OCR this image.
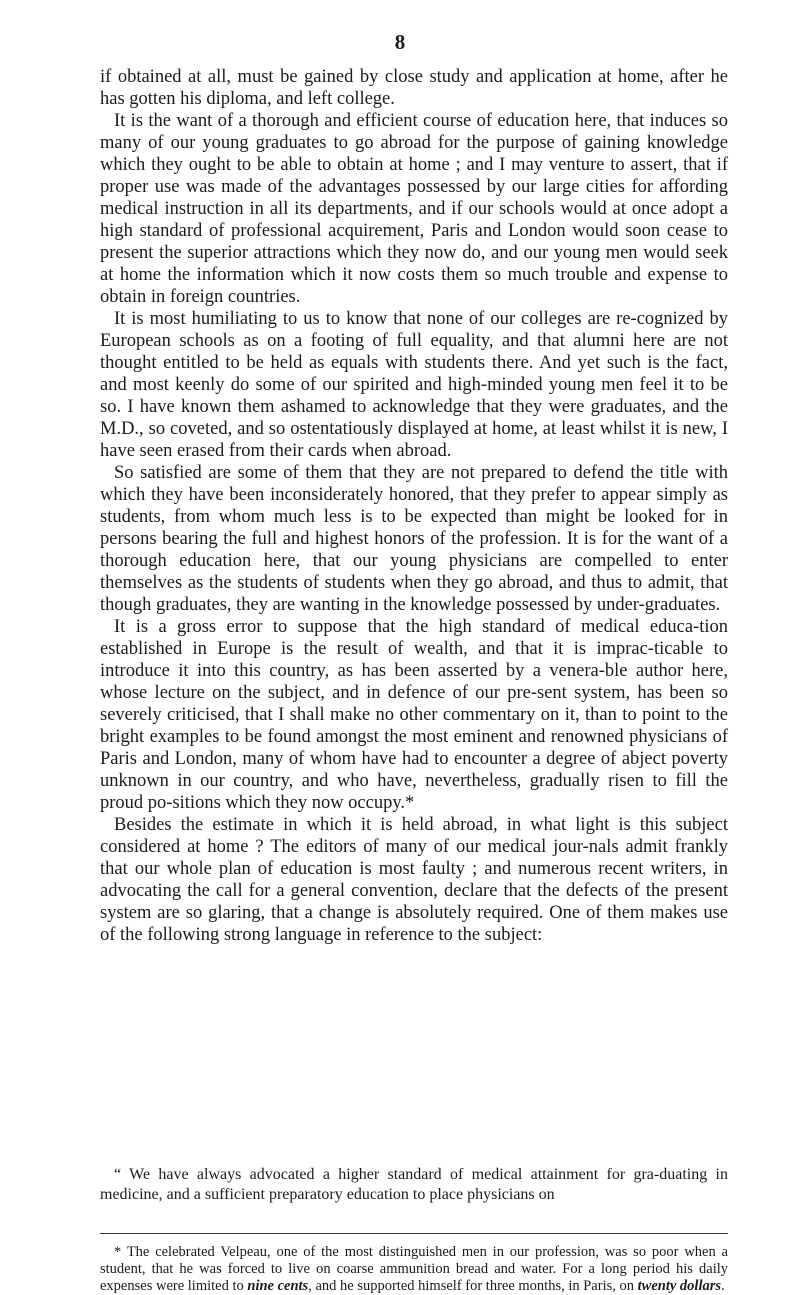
8

if obtained at all, must be gained by close study and application at home, after he has gotten his diploma, and left college.

It is the want of a thorough and efficient course of education here, that induces so many of our young graduates to go abroad for the purpose of gaining knowledge which they ought to be able to obtain at home ; and I may venture to assert, that if proper use was made of the advantages possessed by our large cities for affording medical instruction in all its departments, and if our schools would at once adopt a high standard of professional acquirement, Paris and London would soon cease to present the superior attractions which they now do, and our young men would seek at home the information which it now costs them so much trouble and expense to obtain in foreign countries.

It is most humiliating to us to know that none of our colleges are re-cognized by European schools as on a footing of full equality, and that alumni here are not thought entitled to be held as equals with students there. And yet such is the fact, and most keenly do some of our spirited and high-minded young men feel it to be so. I have known them ashamed to acknowledge that they were graduates, and the M.D., so coveted, and so ostentatiously displayed at home, at least whilst it is new, I have seen erased from their cards when abroad.

So satisfied are some of them that they are not prepared to defend the title with which they have been inconsiderately honored, that they prefer to appear simply as students, from whom much less is to be expected than might be looked for in persons bearing the full and highest honors of the profession. It is for the want of a thorough education here, that our young physicians are compelled to enter themselves as the students of students when they go abroad, and thus to admit, that though graduates, they are wanting in the knowledge possessed by under-graduates.

It is a gross error to suppose that the high standard of medical educa-tion established in Europe is the result of wealth, and that it is imprac-ticable to introduce it into this country, as has been asserted by a venera-ble author here, whose lecture on the subject, and in defence of our pre-sent system, has been so severely criticised, that I shall make no other commentary on it, than to point to the bright examples to be found amongst the most eminent and renowned physicians of Paris and London, many of whom have had to encounter a degree of abject poverty unknown in our country, and who have, nevertheless, gradually risen to fill the proud po-sitions which they now occupy.*

Besides the estimate in which it is held abroad, in what light is this subject considered at home ? The editors of many of our medical jour-nals admit frankly that our whole plan of education is most faulty ; and numerous recent writers, in advocating the call for a general convention, declare that the defects of the present system are so glaring, that a change is absolutely required. One of them makes use of the following strong language in reference to the subject:

“ We have always advocated a higher standard of medical attainment for gra-duating in medicine, and a sufficient preparatory education to place physicians on
* The celebrated Velpeau, one of the most distinguished men in our profession, was so poor when a student, that he was forced to live on coarse ammunition bread and water. For a long period his daily expenses were limited to nine cents, and he supported himself for three months, in Paris, on twenty dollars.
